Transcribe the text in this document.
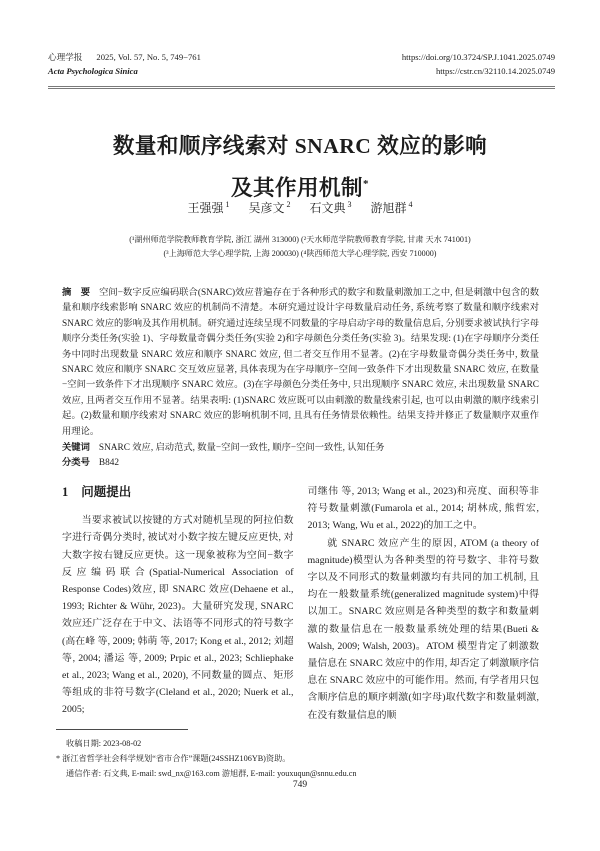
心理学报 2025, Vol. 57, No. 5, 749−761
Acta Psychologica Sinica
https://doi.org/10.3724/SP.J.1041.2025.0749
https://cstr.cn/32110.14.2025.0749
数量和顺序线索对 SNARC 效应的影响
及其作用机制*
王强强 $^1$ 吴彦文 $^2$ 石文典 $^3$ 游旭群 $^4$
(¹湖州师范学院教师教育学院, 浙江 湖州 313000) (²天水师范学院教师教育学院, 甘肃 天水 741001)
(³上海师范大学心理学院, 上海 200030) (⁴陕西师范大学心理学院, 西安 710000)

摘　要 空间−数字反应编码联合(SNARC)效应普遍存在于各种形式的数字和数量刺激加工之中, 但是刺激中包含的数量和顺序线索影响 SNARC 效应的机制尚不清楚。本研究通过设计字母数量启动任务, 系统考察了数量和顺序线索对 SNARC 效应的影响及其作用机制。研究通过连续呈现不同数量的字母启动字母的数量信息后, 分别要求被试执行字母顺序分类任务(实验 1)、字母数量奇偶分类任务(实验 2)和字母颜色分类任务(实验 3)。结果发现: (1)在字母顺序分类任务中同时出现数量 SNARC 效应和顺序 SNARC 效应, 但二者交互作用不显著。(2)在字母数量奇偶分类任务中, 数量 SNARC 效应和顺序 SNARC 交互效应显著, 具体表现为在字母顺序−空间一致条件下才出现数量 SNARC 效应, 在数量−空间一致条件下才出现顺序 SNARC 效应。(3)在字母颜色分类任务中, 只出现顺序 SNARC 效应, 未出现数量 SNARC 效应, 且两者交互作用不显著。结果表明: (1)SNARC 效应既可以由刺激的数量线索引起, 也可以由刺激的顺序线索引起。(2)数量和顺序线索对 SNARC 效应的影响机制不同, 且具有任务情景依赖性。结果支持并修正了数量顺序双重作用理论。

关键词 SNARC 效应, 启动范式, 数量−空间一致性, 顺序−空间一致性, 认知任务
分类号 B842
1 问题提出

当要求被试以按键的方式对随机呈现的阿拉伯数字进行奇偶分类时, 被试对小数字按左键反应更快, 对大数字按右键反应更快。这一现象被称为空间−数字反应编码联合(Spatial-Numerical Association of Response Codes)效应, 即 SNARC 效应(Dehaene et al., 1993; Richter & Wühr, 2023)。大量研究发现, SNARC 效应还广泛存在于中文、法语等不同形式的符号数字(高在峰 等, 2009; 韩萌 等, 2017; Kong et al., 2012; 刘超 等, 2004; 潘运 等, 2009; Prpic et al., 2023; Schliephake et al., 2023; Wang et al., 2020), 不同数量的圆点、矩形等组成的非符号数字(Cleland et al., 2020; Nuerk et al., 2005;

司继伟 等, 2013; Wang et al., 2023)和亮度、面积等非符号数量刺激(Fumarola et al., 2014; 胡林成, 熊哲宏, 2013; Wang, Wu et al., 2022)的加工之中。

就 SNARC 效应产生的原因, ATOM (a theory of magnitude)模型认为各种类型的符号数字、非符号数字以及不同形式的数量刺激均有共同的加工机制, 且均在一般数量系统(generalized magnitude system)中得以加工。SNARC 效应则是各种类型的数字和数量刺激的数量信息在一般数量系统处理的结果(Bueti & Walsh, 2009; Walsh, 2003)。ATOM 模型肯定了刺激数量信息在 SNARC 效应中的作用, 却否定了刺激顺序信息在 SNARC 效应中的可能作用。然而, 有学者用只包含顺序信息的顺序刺激(如字母)取代数字和数量刺激, 在没有数量信息的顺

收稿日期: 2023-08-02
* 浙江省哲学社会科学规划“省市合作”课题(24SSHZ106YB)资助。
通信作者: 石文典, E-mail: swd_nx@163.com 游旭群, E-mail: youxuqun@snnu.edu.cn
749
